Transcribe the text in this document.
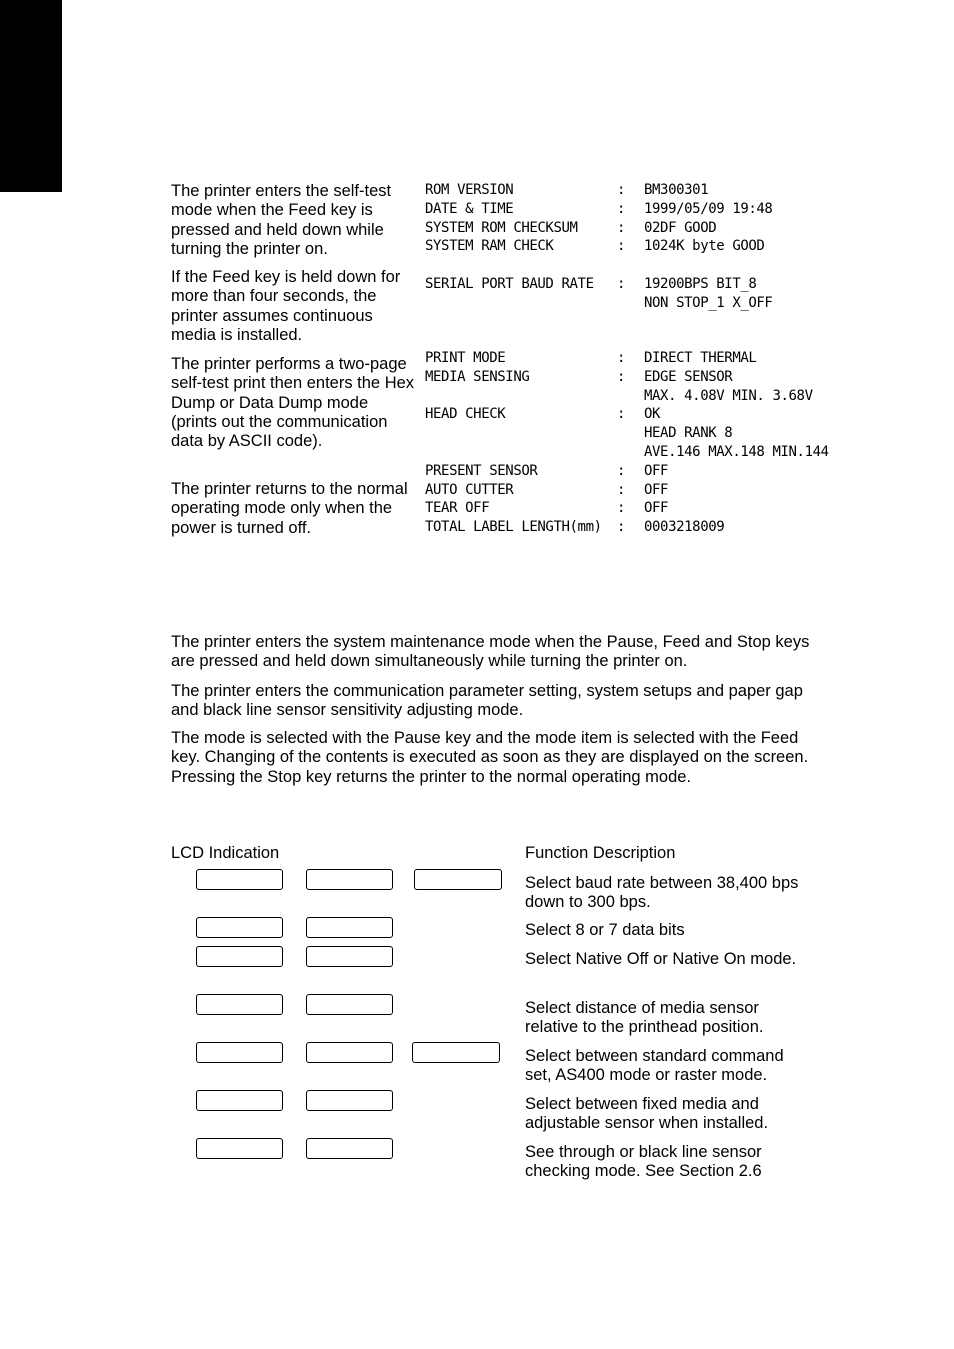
The printer enters the self-test mode when the Feed key is pressed and held down while turning the printer on.

If the Feed key is held down for more than four seconds, the printer assumes continuous media is installed.

The printer performs a two-page self-test print then enters the Hex Dump or Data Dump mode (prints out the communication data by ASCII code).

The printer returns to the normal operating mode only when the power is turned off.

ROM VERSION	: BM300301
DATE & TIME	: 1999/05/09 19:48
SYSTEM ROM CHECKSUM	: 02DF GOOD
SYSTEM RAM CHECK	: 1024K byte GOOD
SERIAL PORT BAUD RATE : 19200BPS BIT_8
NON STOP_1 X_OFF
PRINT MODE	: DIRECT THERMAL
MEDIA SENSING	: EDGE SENSOR
MAX. 4.08V MIN. 3.68V
HEAD CHECK	: OK
HEAD RANK 8
AVE.146 MAX.148 MIN.144
PRESENT SENSOR	: OFF
AUTO CUTTER	: OFF
TEAR OFF	: OFF
TOTAL LABEL LENGTH(mm) : 0003218009

The printer enters the system maintenance mode when the Pause, Feed and Stop keys are pressed and held down simultaneously while turning the printer on.

The printer enters the communication parameter setting, system setups and paper gap and black line sensor sensitivity adjusting mode.

The mode is selected with the Pause key and the mode item is selected with the Feed key. Changing of the contents is executed as soon as they are displayed on the screen. Pressing the Stop key returns the printer to the normal operating mode.

LCD Indication	Function Description

Select baud rate between 38,400 bps down to 300 bps.

Select 8 or 7 data bits

Select Native Off or Native On mode.

Select distance of media sensor relative to the printhead position.

Select between standard command set, AS400 mode or raster mode.

Select between fixed media and adjustable sensor when installed.

See through or black line sensor checking mode. See Section 2.6
